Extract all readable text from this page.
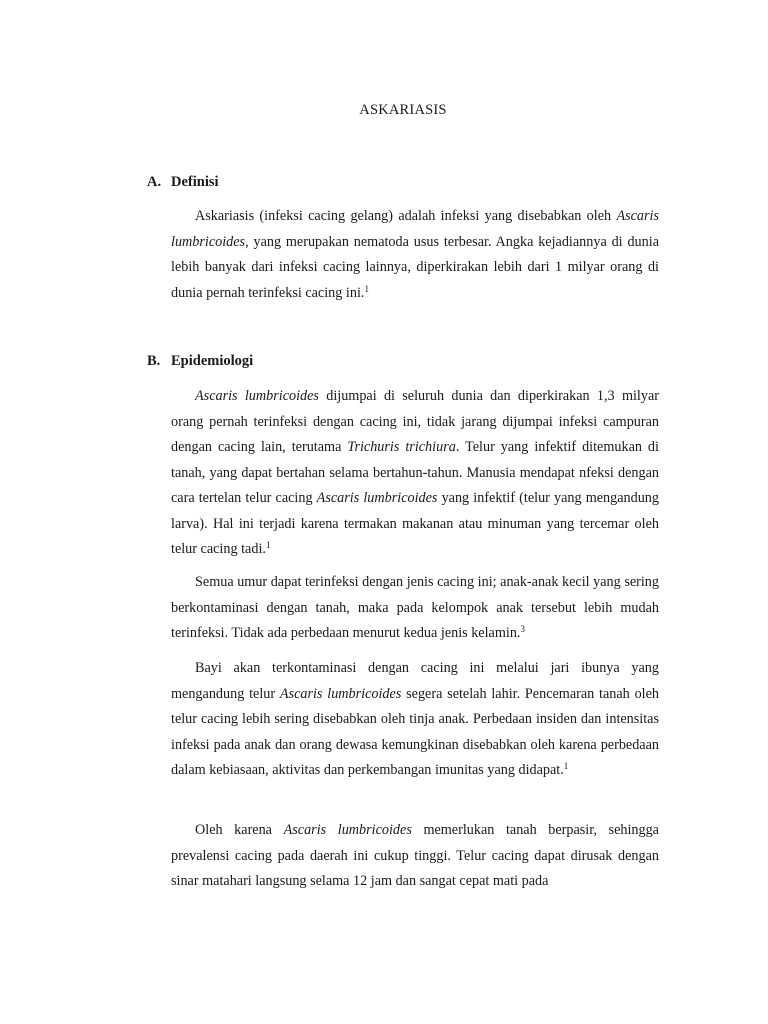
ASKARIASIS
A. Definisi

Askariasis (infeksi cacing gelang) adalah infeksi yang disebabkan oleh Ascaris lumbricoides, yang merupakan nematoda usus terbesar. Angka kejadiannya di dunia lebih banyak dari infeksi cacing lainnya, diperkirakan lebih dari 1 milyar orang di dunia pernah terinfeksi cacing ini.$^1$

B. Epidemiologi

Ascaris lumbricoides dijumpai di seluruh dunia dan diperkirakan 1,3 milyar orang pernah terinfeksi dengan cacing ini, tidak jarang dijumpai infeksi campuran dengan cacing lain, terutama Trichuris trichiura. Telur yang infektif ditemukan di tanah, yang dapat bertahan selama bertahun-tahun. Manusia mendapat nfeksi dengan cara tertelan telur cacing Ascaris lumbricoides yang infektif (telur yang mengandung larva). Hal ini terjadi karena termakan makanan atau minuman yang tercemar oleh telur cacing tadi.$^1$

Semua umur dapat terinfeksi dengan jenis cacing ini; anak-anak kecil yang sering berkontaminasi dengan tanah, maka pada kelompok anak tersebut lebih mudah terinfeksi. Tidak ada perbedaan menurut kedua jenis kelamin.$^3$

Bayi akan terkontaminasi dengan cacing ini melalui jari ibunya yang mengandung telur Ascaris lumbricoides segera setelah lahir. Pencemaran tanah oleh telur cacing lebih sering disebabkan oleh tinja anak. Perbedaan insiden dan intensitas infeksi pada anak dan orang dewasa kemungkinan disebabkan oleh karena perbedaan dalam kebiasaan, aktivitas dan perkembangan imunitas yang didapat.$^1$

Oleh karena Ascaris lumbricoides memerlukan tanah berpasir, sehingga prevalensi cacing pada daerah ini cukup tinggi. Telur cacing dapat dirusak dengan sinar matahari langsung selama 12 jam dan sangat cepat mati pada
